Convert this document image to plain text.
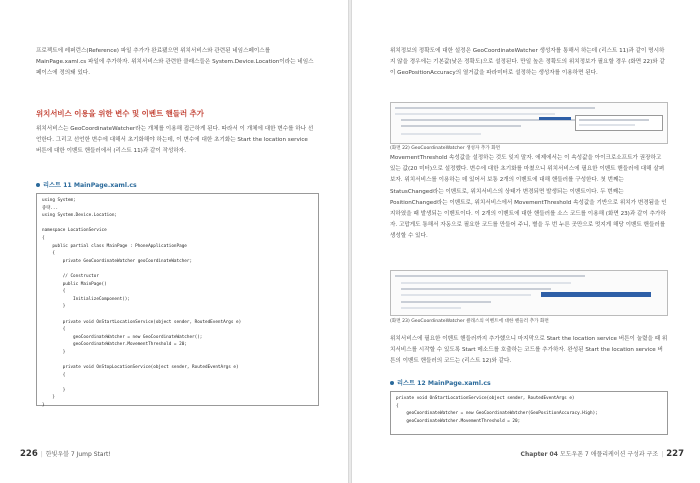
프로젝트에 레퍼런스(Reference) 파일 추가가 완료됐으면 위치서비스와 관련된 네임스페이스를 MainPage.xaml.cs 파일에 추가하자. 위치서비스와 관련한 클래스들은 System.Device.Location이라는 네임스페이스에 정의돼 있다.
위치서비스 이용을 위한 변수 및 이벤트 핸들러 추가
위치서비스는 GeoCoordinateWatcher라는 개체를 이용해 접근하게 된다. 따라서 이 개체에 대한 변수를 하나 선언한다. 그리고 선언한 변수에 대해서 초기화해야 하는데, 이 변수에 대한 초기화는 Start the location service 버튼에 대한 이벤트 핸들러에서 (리스트 11)과 같이 작성하자.
리스트 11 MainPage.xaml.cs
using System;
중략...
using System.Device.Location;

namespace LocationService
{
public partial class MainPage : PhoneApplicationPage
{
private GeoCoordinateWatcher geoCoordinateWatcher;

// Constructor
public MainPage()
{
InitializeComponent();
}

private void OnStartLocationService(object sender, RoutedEventArgs e)
{
geoCoordinateWatcher = new GeoCoordinateWatcher();
geoCoordinateWatcher.MovementThreshold = 20;
}

private void OnStopLocationService(object sender, RoutedEventArgs e)
{

}
}
}
226 | 한빛우블 7 Jump Start!
위치정보의 정확도에 대한 설정은 GeoCoordinateWatcher 생성자를 통해서 하는데 (리스트 11)과 같이 명시하지 않을 경우에는 기본값(낮은 정확도)으로 설정된다. 만일 높은 정확도의 위치정보가 필요할 경우 (화면 22)와 같이 GeoPositionAccuracy의 열거값을 파라미터로 설정하는 생성자를 이용하면 된다.
(화면 22) GeoCoordinateWatcher 생성자 추가 화면
MovementThreshold 속성값을 설정하는 것도 잊지 말자. 에제에서는 이 속성값을 아이크로소프트가 권장하고 있는 값(20 미터)으로 설정했다. 변수에 대한 초기화를 마쳤으니 위치서비스에 필요한 이벤트 핸들러에 대해 살펴보자. 위치서비스를 이용하는 데 있어서 보통 2개의 이벤트에 대해 핸들러를 구성한다. 첫 번째는 StatusChanged라는 이벤트로, 위치서비스의 상태가 변경되면 발생되는 이벤트이다. 두 번째는 PositionChanged라는 이벤트로, 위치서비스에서 MovementThreshold 속성값을 기반으로 위치가 변경됨을 인지하였을 때 발생되는 이벤트이다. 이 2개의 이벤트에 대한 핸들러를 소스 코드를 이용해 (화면 23)과 같이 추가하자. 고맙게도 통해서 자동으로 필요한 코드를 만들어 주니, 별을 두 번 누른 곳만으로 멋지게 해당 이벤트 핸들러를 생성할 수 있다.
(화면 23) GeoCoordinateWatcher 클래스의 이벤트에 대한 핸들러 추가 화면
위치서비스에 필요한 이벤트 핸들러까지 추가했으니 마지막으로 Start the location service 버튼이 눌렸을 때 위치서비스를 시작할 수 있도록 Start 메소드를 호출하는 코드를 추가하자. 완성된 Start the location service 버튼의 이벤트 핸들러의 코드는 (리스트 12)와 같다.
리스트 12 MainPage.xaml.cs
private void OnStartLocationService(object sender, RoutedEventArgs e)
{
geoCoordinateWatcher = new GeoCoordinateWatcher(GeoPositionAccuracy.High);
geoCoordinateWatcher.MovementThreshold = 20;
Chapter 04 모도우폰 7 애플리케이션 구성과 구조 | 227
